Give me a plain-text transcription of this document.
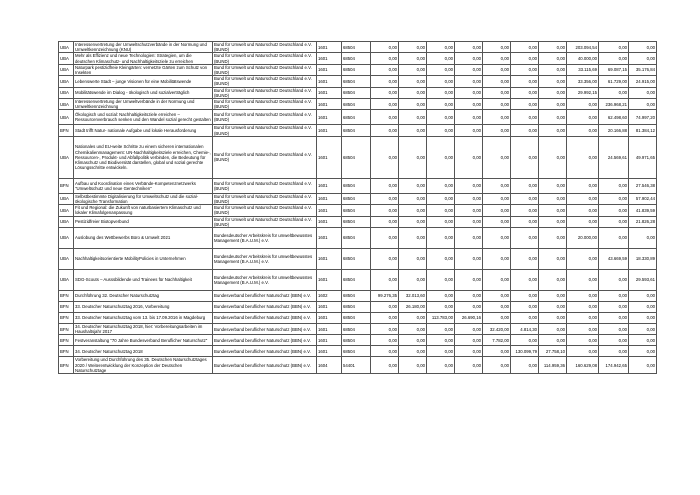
UBA	Interessenvertretung der Umweltschutzverbände in der Normung und Umweltkennzeichnung (KNU)	Bund für Umwelt und Naturschutz Deutschland e.V. (BUND)	1601	68504	0,00	0,00	0,00	0,00	0,00	0,00	0,00	203.094,54	0,00	0,00
UBA	Mehr als Effizienz und neue Technologien: Strategien, um die deutschen Klimaschutz- und Nachhaltigkeitsziele zu erreichen	Bund für Umwelt und Naturschutz Deutschland e.V. (BUND)	1601	68504	0,00	0,00	0,00	0,00	0,00	0,00	0,00	40.000,00	0,00	0,00
UBA	Naturpark pestizidfreie Kleingärten: vernetzte Gärten zum Schutz von Insekten	Bund für Umwelt und Naturschutz Deutschland e.V. (BUND)	1601	68504	0,00	0,00	0,00	0,00	0,00	0,00	0,00	33.115,69	69.087,15	35.176,84
UBA	Lebenswerte Stadt – junge Visionen für eine Mobilitätswende	Bund für Umwelt und Naturschutz Deutschland e.V. (BUND)	1601	68504	0,00	0,00	0,00	0,00	0,00	0,00	0,00	33.356,00	61.729,00	24.915,00
UBA	Mobilitätswende im Dialog - ökologisch und sozialverträglich	Bund für Umwelt und Naturschutz Deutschland e.V. (BUND)	1601	68504	0,00	0,00	0,00	0,00	0,00	0,00	0,00	29.992,15	0,00	0,00
UBA	Interessenvertretung der Umweltverbände in der Normung und Umweltkennzeichnung	Bund für Umwelt und Naturschutz Deutschland e.V. (BUND)	1601	68504	0,00	0,00	0,00	0,00	0,00	0,00	0,00	0,00	236.968,21	0,00
UBA	Ökologisch und sozial: Nachhaltigkeitsziele erreichen – Ressourcenverbrauch senken und den Wandel sozial gerecht gestalten	Bund für Umwelt und Naturschutz Deutschland e.V. (BUND)	1601	68504	0,00	0,00	0,00	0,00	0,00	0,00	0,00	0,00	62.498,60	74.997,20
BFN	Stadt trifft Natur- nationale Aufgabe und lokale Herausforderung	Bund für Umwelt und Naturschutz Deutschland e.V. (BUND)	1601	68504	0,00	0,00	0,00	0,00	0,00	0,00	0,00	0,00	20.166,88	81.384,12
UBA	Nationales und EU-weite Schritte zu einem sicheren internationalen Chemikalienmanagement: UN-Nachhaltigkeitsziele erreichen, Chemie-, Ressourcen-, Produkt- und Abfallpolitik verbinden, die Bedeutung für Klimaschutz und Biodiversität darstellen, global und sozial gerechte Lösungsschritte entwickeln.	Bund für Umwelt und Naturschutz Deutschland e.V. (BUND)	1601	68504	0,00	0,00	0,00	0,00	0,00	0,00	0,00	0,00	24.569,61	49.971,65
BFN	Aufbau und Koordination eines Verbände-Kompetenznetzwerks "Umweltschutz und neue Gentechniken"	Bund für Umwelt und Naturschutz Deutschland e.V. (BUND)	1601	68504	0,00	0,00	0,00	0,00	0,00	0,00	0,00	0,00	0,00	27.546,38
UBA	Selbstbestimmte Digitalisierung für Umweltschutz und die sozial-ökologische Transformation	Bund für Umwelt und Naturschutz Deutschland e.V. (BUND)	1601	68504	0,00	0,00	0,00	0,00	0,00	0,00	0,00	0,00	0,00	57.902,44
UBA	Fit und Regional: die Zukunft von naturbasiertem Klimaschutz und lokaler Klimafolgenanpassung	Bund für Umwelt und Naturschutz Deutschland e.V. (BUND)	1601	68504	0,00	0,00	0,00	0,00	0,00	0,00	0,00	0,00	0,00	41.839,59
UBA	Pestizidfreier Biotopverbund	Bund für Umwelt und Naturschutz Deutschland e.V. (BUND)	1601	68504	0,00	0,00	0,00	0,00	0,00	0,00	0,00	0,00	0,00	21.826,28
UBA	Auslobung des Wettbewerbs Büro & Umwelt 2021	Bundesdeutscher Arbeitskreis für umweltbewusstes Management (B.A.U.M.) e.V.	1601	68504	0,00	0,00	0,00	0,00	0,00	0,00	0,00	20.000,00	0,00	0,00
UBA	Nachhaltigkeitsorientierte MobilityPolicies in Unternehmen	Bundesdeutscher Arbeitskreis für umweltbewusstes Management (B.A.U.M.) e.V.	1601	68504	0,00	0,00	0,00	0,00	0,00	0,00	0,00	0,00	43.669,59	18.330,89
UBA	SDG-Scouts – Ausssbildende und Trainees für Nachhaltigkeit	Bundesdeutscher Arbeitskreis für umweltbewusstes Management (B.A.U.M.) e.V.	1601	68504	0,00	0,00	0,00	0,00	0,00	0,00	0,00	0,00	0,00	29.593,61
BFN	Durchführung 32. Deutscher Naturschutztag	Bundesverband beruflicher Naturschutz (BBN) e.V.	1602	68504	99.276,35	32.013,60	0,00	0,00	0,00	0,00	0,00	0,00	0,00	0,00
BFN	33. Deutscher Naturschutztag 2016, Vorbereitung	Bundesverband beruflicher Naturschutz (BBN) e.V.	1601	68504	0,00	26.180,00	0,00	0,00	0,00	0,00	0,00	0,00	0,00	0,00
BFN	33. Deutscher Naturschutztag vom 13. bis 17.09.2016 in Magdeburg	Bundesverband beruflicher Naturschutz (BBN) e.V.	1601	68504	0,00	0,00	113.783,00	26.690,16	0,00	0,00	0,00	0,00	0,00	0,00
BFN	34. Deutscher Naturschutztag 2018, hier: Vorbereitungsarbeiten im Haushaltsjahr 2017	Bundesverband beruflicher Naturschutz (BBN) e.V.	1601	68504	0,00	0,00	0,00	0,00	32.420,00	4.814,30	0,00	0,00	0,00	0,00
BFN	Festveranstaltung "70 Jahre Bundesverband Beruflicher Naturschutz"	Bundesverband beruflicher Naturschutz (BBN) e.V.	1601	68504	0,00	0,00	0,00	0,00	7.782,00	0,00	0,00	0,00	0,00	0,00
BFN	34. Deutscher Naturschutztag 2018	Bundesverband beruflicher Naturschutz (BBN) e.V.	1601	68504	0,00	0,00	0,00	0,00	0,00	130.099,79	27.758,10	0,00	0,00	0,00
BFN	Vorbereitung und Durchführung des 35. Deutschen Naturschutztages 2020 / Weiterentwicklung der Konzeption der Deutschen Naturschutztage	Bundesverband beruflicher Naturschutz (BBN) e.V.	1604	54401	0,00	0,00	0,00	0,00	0,00	0,00	114.959,36	160.629,08	174.942,65	0,00
